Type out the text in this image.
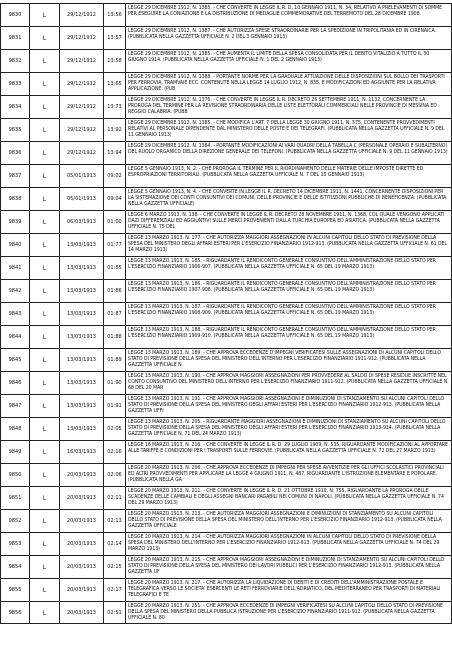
9830	L	29/12/1912	13:56
LEGGE 29 DICEMBRE 1912, N. 1385. - CHE CONVERTE IN LEGGE IL R. D. 10 GENNAIO 1911, N. 34, RELATIVO A PRELEVAMENTI DI SOMME PER ESEGUIRE LA CONIAZIONE E LA DISTRIBUZIONE DI MEDAGLIE COMMEMORATIVE DEL TERREMOTO DEL 28 DICEMBRE 1908.
9831	L	29/12/1912	13:57
LEGGE 29 DICEMBRE 1912, N. 1387. - CHE AUTORIZZA SPESE STRAORDINARIE PER LA SPEDIZIONE IN TRIPOLITANIA ED IN CIRENAICA. (PUBBLICATA NELLA GAZZETTA UFFICIALE N. 2 DEL 3 GENNAIO 1913)
9832	L	29/12/1912	13:58
LEGGE 29 DICEMBRE 1912, N. 1385. - CHE AUMENTA IL LIMITE DELLA SPESA CONSOLIDATA PER IL DEBITO VITALIZIO A TUTTO IL 30 GIUGNO 1914. (PUBBLICATA NELLA GAZZETTA UFFICIALE N. 1 DEL 2 GENNAIO 1913)
9833	L	29/12/1912	13:65
LEGGE 29 DICEMBRE 1912, N. 1388. - PORTANTE NORME PER LA GRADUALE ATTUAZIONE DELLE DISPOSIZIONI SUL BOLLO DEI TRASPORTI PER FERROVIA, TRAMVAIE ECC. CONTENUTE NELLA LEGGE 14 LUGLIO 1912, N. 835, E MODIFICAZIONI ED AGGIUNTE PER LA RELATIVA APPLICAZIONE. (PUB
9834	L	29/12/1912	13:73
LEGGE 29 DICEMBRE 1912, N. 1376. - CHE CONVERTE IN LEGGE IL R. DECRETO 26 SETTEMBRE 1911, N. 1132, CONCERNENTE LA PROROGA DEL TERMINE PER LA REVISIONE STRAORDINARIA DELLE LISTE ELETTORALI COMMERCIALI NELLE PROVINCIE DI MESSINA ED REGGIO CALABRIA. (PUBB
9835	L	29/12/1912	13:92
LEGGE 29 DICEMBRE 1912, N. 1385. - CHE MODIFICA L'ART. 7 DELLA LEGGE 30 GIUGNO 1911, N. 575, CONTENENTE PROVVEDIMENTI RELATIVI AL PERSONALE DIPENDENTE DAL MINISTERO DELLE POSTE E DEI TELEGRAFI. (PUBBLICATA NELLA GAZZETTA UFFICIALE N. 9 DEL 11 GENNAIO 1913)
9836	L	29/12/1912	13:94
LEGGE 29 DICEMBRE 1912, N. 1384. - PORTANTE MODIFICAZIONI AI VARI QUADRI DELLA TABELLA C (PERSONALE OPERAIO E SUBALTERNO) DEL RUOLO ORGANICO DELLA DIREZIONE GENERALE DEI TELEFONI. (PUBBLICATA NELLA GAZZETTA UFFICIALE N. 9 DEL 11 GENNAIO 1913)
9837	L	05/01/1913	09:02
LEGGE 5 GENNAIO 1913, N. 2. - CHE PROROGA IL TERMINE PER IL RIORDINAMENTO DELLE MATERIE DELLE IMPOSTE DIRETTE ED ESPROPRIAZIONI TERRITORIALI. (PUBBLICATA NELLA GAZZETTA UFFICIALE N. 7 DEL 10 GENNAIO 1913)
9838	L	05/01/1913	09:04
LEGGE 5 GENNAIO 1913, N. 4. - CHE CONVERTE IN LEGGE IL R. DECRETO 14 DICEMBRE 1911, N. 1441, CONCERNENTE DISPOSIZIONI PER LA SISTEMAZIONE DEI CONTI CONSUNTIVI DEI COMUNI, DELLE PROVINCIE E DELLE ISTITUZIONI PUBBLICHE DI BENEFICENZA. (PUBBLICATA NELLA GAZZETTA UFFICIALE)
9839	L	06/03/1913	01:00
LEGGE 6 MARZO 1913, N. 138. - CHE CONVERTE IN LEGGE IL R. DECRETO 28 NOVEMBRE 1911, N. 1368, COL QUALE VENGONO APPLICATI DAZI DIFFERENZIALI ED AGGIUNTIVI SULLE MERCI PROVENIENTI DALLA TURCHIA EUROPEA ED ASIATICA. (PUBBLICATA NELLA GAZZETTA UFFICIALE N. 75 DEL
9840	L	13/03/1913	01:77
LEGGE 13 MARZO 1913, N. 177. - CHE AUTORIZZA MAGGIORI ASSEGNAZIONI IN ALCUNI CAPITOLI DELLO STATO DI PREVISIONE DELLA SPESA DEL MINISTERO DEGLI AFFARI ESTERI PER L'ESERCIZIO FINANZIARIO 1912-913. (PUBBLICATA NELLA GAZZETTA UFFICIALE N. 61 DEL 14 MARZO 1913)
9841	L	13/03/1913	01:85
LEGGE 13 MARZO 1913, N. 185. - RIGUARDANTE IL RENDICONTO GENERALE CONSUNTIVO DELL'AMMINISTRAZIONE DELLO STATO PER L'ESERCIZIO FINANZIARIO 1906-907. (PUBBLICATA NELLA GAZZETTA UFFICIALE N. 65 DEL 19 MARZO 1913)
9842	L	13/03/1913	01:86
LEGGE 13 MARZO 1913, N. 186. - RIGUARDANTE IL RENDICONTO GENERALE CONSUNTIVO DELL'AMMINISTRAZIONE DELLO STATO PER L'ESERCIZIO FINANZIARIO 1907-908. (PUBBLICATA NELLA GAZZETTA UFFICIALE N. 65 DEL 19 MARZO 1913)
9843	L	13/03/1913	01:87
LEGGE 13 MARZO 1913, N. 187. - RIGUARDANTE IL RENDICONTO GENERALE CONSUNTIVO DELL'AMMINISTRAZIONE DELLO STATO PER L'ESERCIZIO FINANZIARIO 1908-909. (PUBBLICATA NELLA GAZZETTA UFFICIALE N. 65 DEL 19 MARZO 1913)
9844	L	13/03/1913	01:88
LEGGE 13 MARZO 1913, N. 188. - RIGUARDANTE IL RENDICONTO GENERALE CONSUNTIVO DELL'AMMINISTRAZIONE DELLO STATO PER L'ESERCIZIO FINANZIARIO 1909-910. (PUBBLICATA NELLA GAZZETTA UFFICIALE N. 65 DEL 19 MARZO 1913)
9845	L	13/03/1913	01:89
LEGGE 13 MARZO 1913, N. 189. - CHE APPROVA ECCEDENZE D'IMPEGNI VERIFICATESI SULLE ASSEGNAZIONI DI ALCUNI CAPITOLI DELLO STATO DI PREVISIONE DELLA SPESA DEL MINISTERO DELL'INTERNO PER L'ESERCIZIO FINANZIARIO 1911-912. (PUBBLICATA NELLA GAZZETTA UFFICIALE N.
9846	L	13/03/1913	01:90
LEGGE 13 MARZO 1913, N. 190. - CHE APPROVA MAGGIORI ASSEGNAZIONI PER PROVVEDERE AL SALDO DI SPESE RESIDUE INSCRITTE NEL CONTO CONSUNTIVO DEL MINISTERO DELL'INTERNO PER L'ESERCIZIO FINANZIARIO 1911-912. (PUBBLICATA NELLA GAZZETTA UFFICIALE N. 68 DEL 20 MAR
9847	L	13/03/1913	01:91
LEGGE 13 MARZO 1913, N. 191. - CHE APPROVA MAGGIORI ASSEGNAZIONI E DIMINUZIONI DI STANZIAMENTO SU ALCUNI CAPITOLI DELLO STATO DI PREVISIONE DELLA SPESA DEL MINISTERO DEGLI AFFARI ESTERI PER L'ESERCIZIO FINANZIARIO 1912-913. (PUBBLICATA NELLA GAZZETTA UFFI
9848	L	13/03/1913	02:05
LEGGE 13 MARZO 1913, N. 205. - RIGUARDANTE MAGGIORI ASSEGNAZIONI E DIMINUZIONI DI STANZIAMENTO SU ALCUNI CAPITOLI DELLO STATO DI PREVISIONE DELLA SPESA DEL MINISTERO DEGLI AFFARI ESTERI PER L'ESERCIZIO FINANZIARIO 1913-914. (PUBBLICATA NELLA GAZZETTA UFFICIALE N. 71 DEL 24 MARZO 1913)
9849	L	16/03/1913	02:16
LEGGE 16 MARZO 1913, N. 216. - CHE CONVERTE IN LEGGE IL R. D. 29 LUGLIO 1909, N. 535, RIGUARDANTE MODIFICAZIONI AL APPORTARE ALLE TARIFFE E CONDIZIONI PER I TRASPORTI SULLE FERROVIE. (PUBBLICATA NELLA GAZZETTA UFFICIALE N. 72 DEL 27 MARZO 1913)
9850	L	20/03/1913	02:06
LEGGE 20 MARZO 1913, N. 206. - CHE APPROVA ECCEDENZE DI IMPEGNI PER SPESE AVVENTIZIE PER GLI UFFICI SCOLASTICI PROVINCIALI ED ALTRI PROVVEDIMENTI PER APPLICARE LA LEGGE 4 GIUGNO 1911, N. 487, RIGUARDANTE L'ISTRUZIONE ELEMENTARE E POPOLARE. (PUBBLICATA NELLA GA
9851	L	20/03/1913	02:11
LEGGE 20 MARZO 1913, N. 211. - CHE CONVERTE IN LEGGE IL R. D. 21 OTTOBRE 1910, N. 755, RIGUARDANTE LA PROROGA DELLE SCADENZE DELLE CAMBIALI E DEGLI ASSEGNI BANCARI PAGABILI NEI COMUNI DI NAPOLI. (PUBBLICATA NELLA GAZZETTA UFFICIALE N. 74 DEL 29 MARZO 1913)
9852	L	20/03/1913	02:13
LEGGE 20 MARZO 1913, N. 213. - CHE AUTORIZZA MAGGIORI ASSEGNAZIONI E DIMINUZIONI DI STANZIAMENTO SU ALCUNI CAPITOLI DELLO STATO DI PREVISIONE DELLA SPESA DEL MINISTERO DELL'INTERNO PER L'ESERCIZIO FINANZIARIO 1912-913. (PUBBLICATA NELLA GAZZETTA UFFICIALE
9853	L	20/03/1913	02:14
LEGGE 20 MARZO 1913, N. 214. - CHE AUTORIZZA MAGGIORI ASSEGNAZIONI IN ALCUNI CAPITOLI DELLO STATO DI PREVISIONE DELLA SPESA DEL MINISTERO DELL'INTERNO PER L'ESERCIZIO FINANZIARIO 1912-913. (PUBBLICATA NELLA GAZZETTA UFFICIALE N. 74 DEL 29 MARZO 1913)
9854	L	20/03/1913	02:15
LEGGE 20 MARZO 1913, N. 215. - CHE APPROVA MAGGIORI ASSEGNAZIONI E DIMINUZIONI DI STANZIAMENTO SU ALCUNI CAPITOLI DELLO STATO DI PREVISIONE DELLA SPESA DEL MINISTERO DEI LAVORI PUBBLICI PER L'ESERCIZIO FINANZIARIO 1912-913. (PUBBLICATA NELLA GAZZETTA UF
9855	L	20/03/1913	02:17
LEGGE 20 MARZO 1913, N. 217. - CHE AUTORIZZA LA LIQUIDAZIONE DI DEBITI E DI CREDITI DELL'AMMINISTRAZIONE POSTALE E TELEGRAFICA VERSO LE SOCIETA' ESERCENTI LE RETI FERROVIARIE DELL'ADRIATICO, DEL MEDITERRANEO PER TRASPORTI DI MATERIALI TELEGRAFICI E TE
9856	L	20/03/1913	02:51
LEGGE 20 MARZO 1913, N. 251. - CHE APPROVA ECCEDENZE DI IMPEGNI VERIFICATESI SU ALCUNI CAPITOLI DELLO STATO DI PREVISIONE DELLA SPESA DEL MINISTERO DELLA PUBBLICA ISTRUZIONE PER L'ESERCIZIO FINANZIARIO 1911-912. (PUBBLICATA NELLA GAZZETTA UFFICIALE N. 80
